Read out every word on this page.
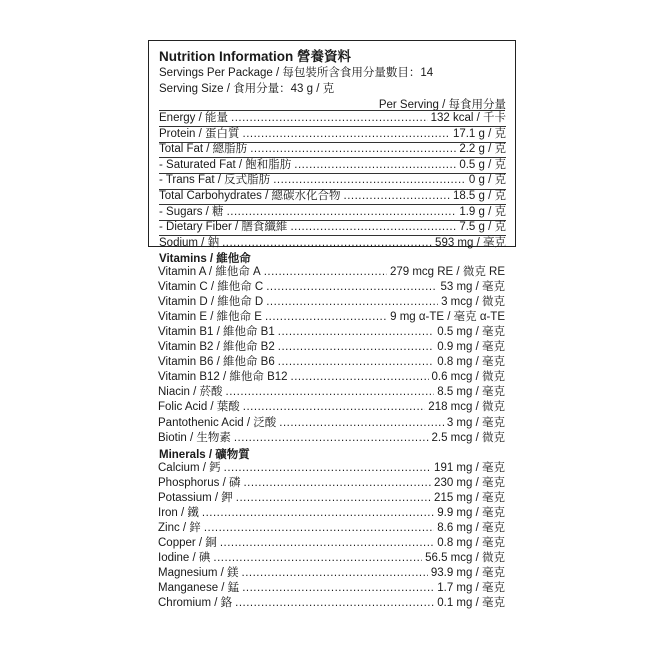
Nutrition Information 營養資料
Servings Per Package / 每包裝所含食用分量數目：14
Serving Size / 食用分量：43 g / 克
Per Serving / 每食用分量
Energy / 能量 .....	132 kcal / 千卡
Protein / 蛋白質 .....	17.1 g / 克
Total Fat / 總脂肪 .....	2.2 g / 克
- Saturated Fat / 飽和脂肪 .....	0.5 g / 克
- Trans Fat / 反式脂肪 .....	0 g / 克
Total Carbohydrates / 總碳水化合物 .....	18.5 g / 克
- Sugars / 糖 .....	1.9 g / 克
- Dietary Fiber / 膳食纖維 .....	7.5 g / 克
Sodium / 鈉 .....	593 mg / 毫克
Vitamins / 維他命
Vitamin A / 維他命 A .....	279 mcg RE / 微克 RE
Vitamin C / 維他命 C .....	53 mg / 毫克
Vitamin D / 維他命 D .....	3 mcg / 微克
Vitamin E / 維他命 E .....	9 mg α-TE / 毫克 α-TE
Vitamin B1 / 維他命 B1 .....	0.5 mg / 毫克
Vitamin B2 / 維他命 B2 .....	0.9 mg / 毫克
Vitamin B6 / 維他命 B6 .....	0.8 mg / 毫克
Vitamin B12 / 維他命 B12 .....	0.6 mcg / 微克
Niacin / 菸酸 .....	8.5 mg / 毫克
Folic Acid / 葉酸 .....	218 mcg / 微克
Pantothenic Acid / 泛酸 .....	3 mg / 毫克
Biotin / 生物素 .....	2.5 mcg / 微克
Minerals / 礦物質
Calcium / 鈣 .....	191 mg / 毫克
Phosphorus / 磷 .....	230 mg / 毫克
Potassium / 鉀 .....	215 mg / 毫克
Iron / 鐵 .....	9.9 mg / 毫克
Zinc / 鋅 .....	8.6 mg / 毫克
Copper / 銅 .....	0.8 mg / 毫克
Iodine / 碘 .....	56.5 mcg / 微克
Magnesium / 鎂 .....	93.9 mg / 毫克
Manganese / 錳 .....	1.7 mg / 毫克
Chromium / 鉻 .....	0.1 mg / 毫克
